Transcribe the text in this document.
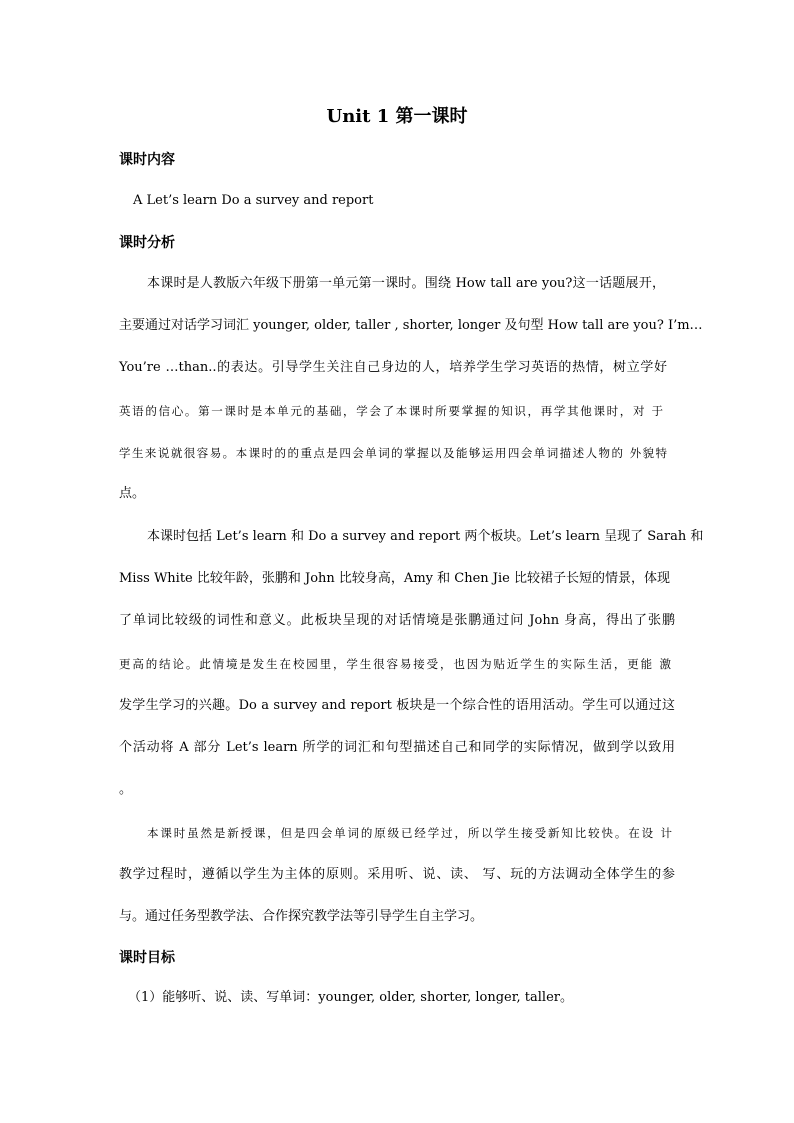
Unit 1 第一课时
课时内容
A Let’s learn Do a survey and report
课时分析
本课时是人教版六年级下册第一单元第一课时。围绕 How tall are you?这一话题展开，
主要通过对话学习词汇 younger, older, taller , shorter, longer 及句型 How tall are you? I’m…
You’re …than..的表达。引导学生关注自己身边的人，培养学生学习英语的热情，树立学好
英语的信心。第一课时是本单元的基础，学会了本课时所要掌握的知识，再学其他课时，对 于
学生来说就很容易。本课时的的重点是四会单词的掌握以及能够运用四会单词描述人物的 外貌特
点。
本课时包括 Let’s learn 和 Do a survey and report 两个板块。Let’s learn 呈现了 Sarah 和
Miss White 比较年龄，张鹏和 John 比较身高，Amy 和 Chen Jie 比较裙子长短的情景，体现
了单词比较级的词性和意义。此板块呈现的对话情境是张鹏通过问 John 身高，得出了张鹏
更高的结论。此情境是发生在校园里，学生很容易接受，也因为贴近学生的实际生活，更能 激
发学生学习的兴趣。Do a survey and report 板块是一个综合性的语用活动。学生可以通过这
个活动将 A 部分 Let’s learn 所学的词汇和句型描述自己和同学的实际情况，做到学以致用
。
本课时虽然是新授课，但是四会单词的原级已经学过，所以学生接受新知比较快。在设 计
教学过程时，遵循以学生为主体的原则。采用听、说、读、 写、玩的方法调动全体学生的参
与。通过任务型教学法、合作探究教学法等引导学生自主学习。
课时目标
（1）能够听、说、读、写单词：younger, older, shorter, longer, taller。
